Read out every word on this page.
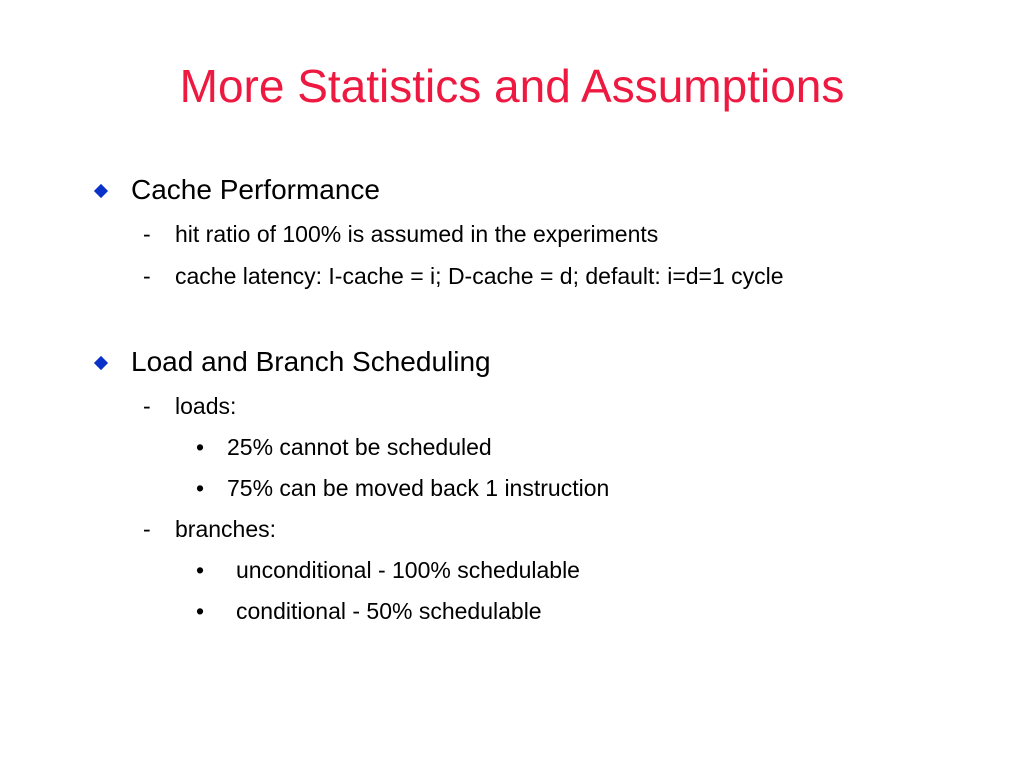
More Statistics and Assumptions
Cache Performance
- hit ratio of 100% is assumed in the experiments
- cache latency: I-cache = i; D-cache = d; default: i=d=1 cycle
Load and Branch Scheduling
- loads:
• 25% cannot be scheduled
• 75% can be moved back 1 instruction
- branches:
• unconditional - 100% schedulable
• conditional - 50% schedulable
